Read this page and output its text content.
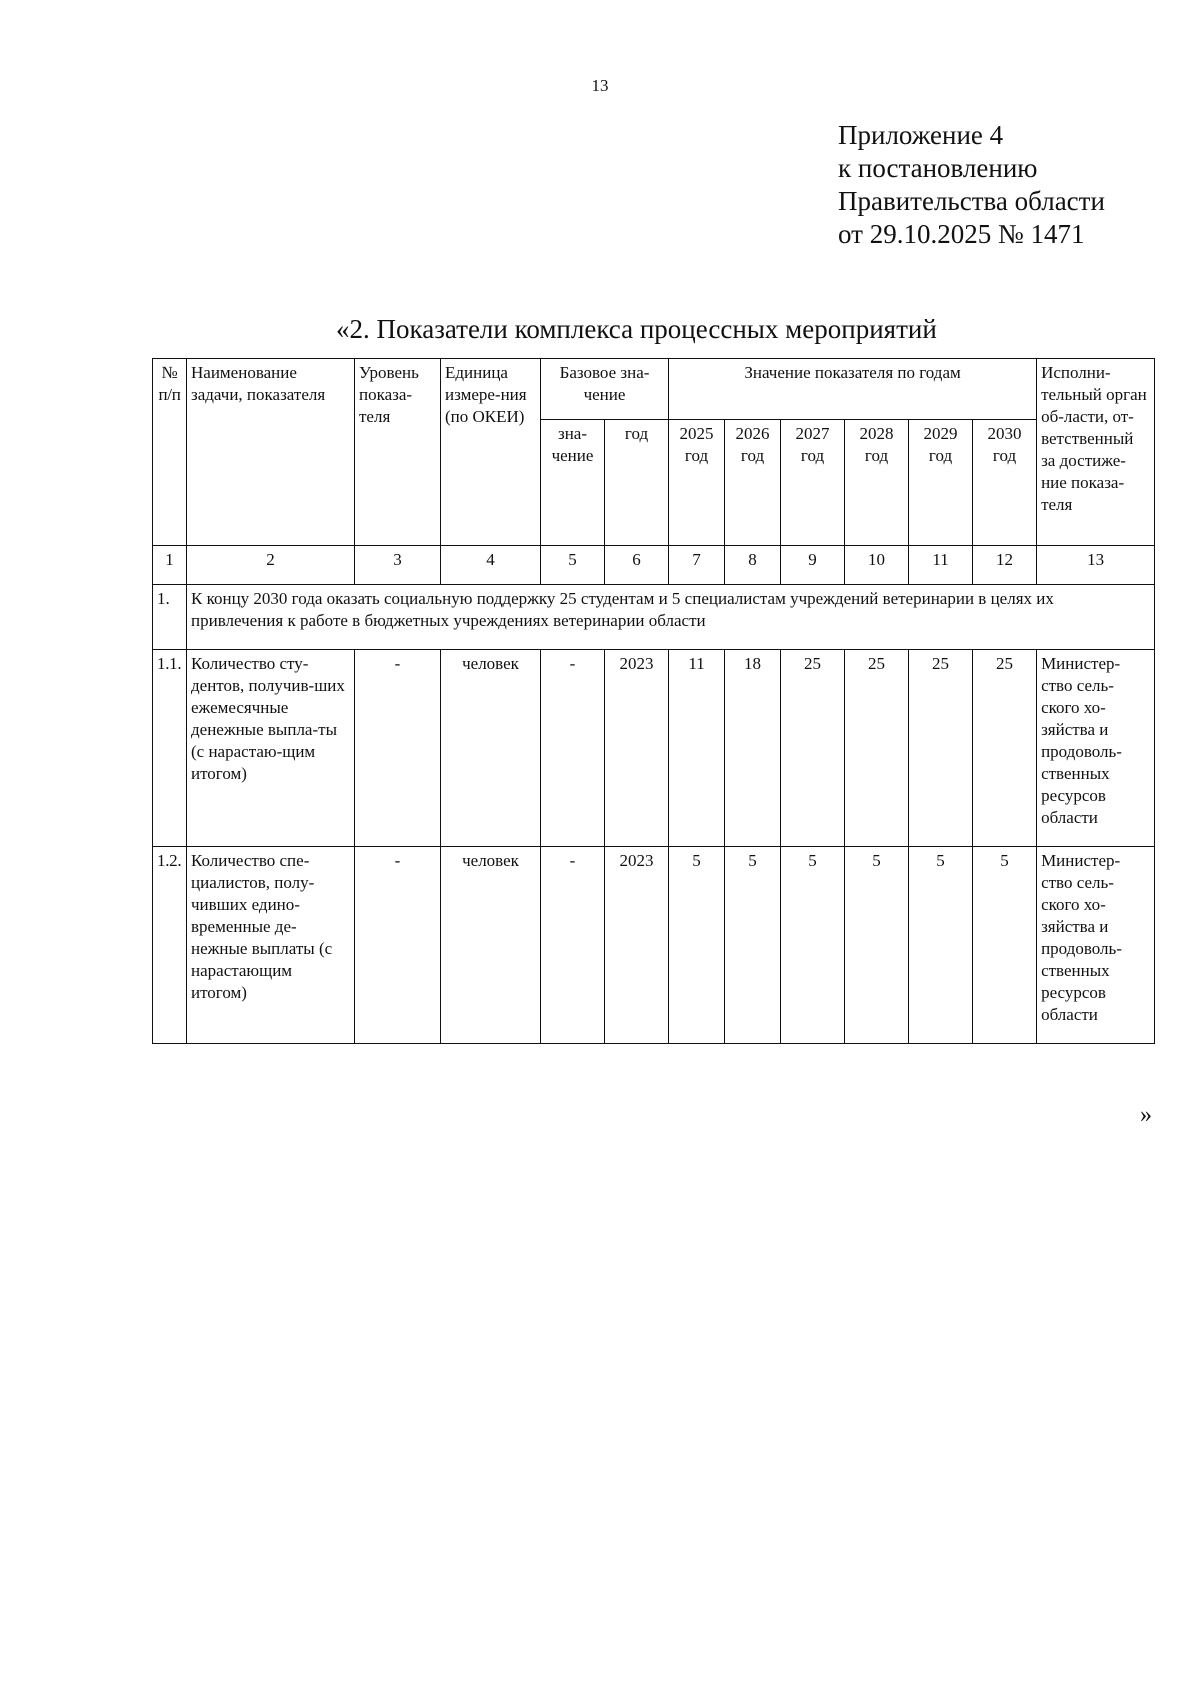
13
Приложение 4
к постановлению
Правительства области
от 29.10.2025 № 1471
«2. Показатели комплекса процессных мероприятий
№ п/п	Наименование задачи, показателя	Уровень показа-теля	Единица измере-ния (по ОКЕИ)	Базовое зна-чение		Значение показателя по годам						Исполни-тельный орган об-ласти, от-ветственный за достиже-ние показа-теля
				зна-чение	год	2025 год	2026 год	2027 год	2028 год	2029 год	2030 год	
1	2	3	4	5	6	7	8	9	10	11	12	13
1.	К концу 2030 года оказать социальную поддержку 25 студентам и 5 специалистам учреждений ветеринарии в целях их привлечения к работе в бюджетных учреждениях ветеринарии области											
1.1.	Количество сту-дентов, получив-ших ежемесячные денежные выпла-ты (с нарастаю-щим итогом)	-	человек	-	2023	11	18	25	25	25	25	Министер-ство сель-ского хо-зяйства и продоволь-ственных ресурсов области
1.2.	Количество спе-циалистов, полу-чивших едино-временные де-нежные выплаты (с нарастающим итогом)	-	человек	-	2023	5	5	5	5	5	5	Министер-ство сель-ского хо-зяйства и продоволь-ственных ресурсов области
»
